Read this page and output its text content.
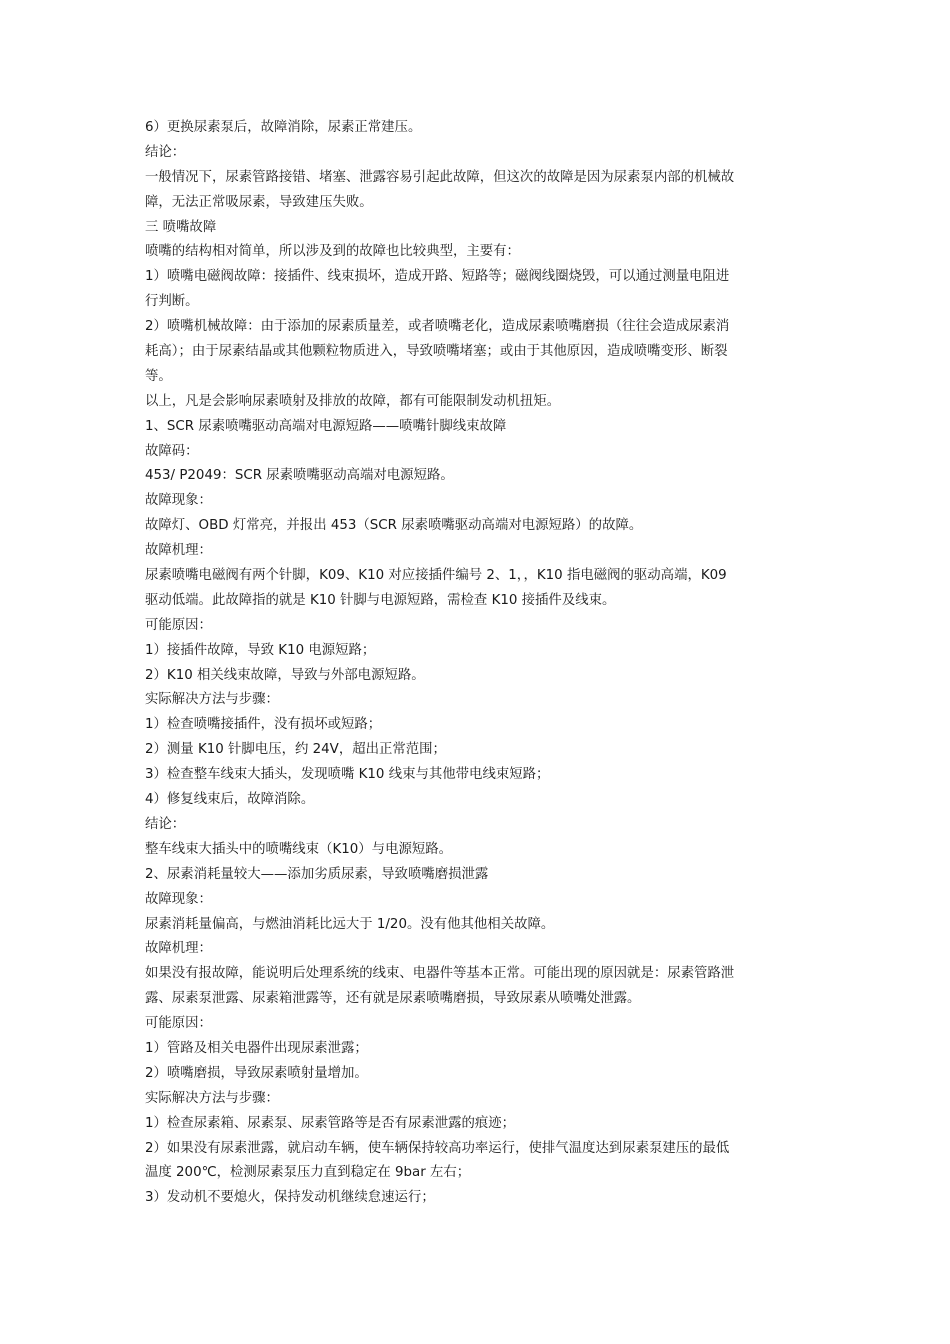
6）更换尿素泵后，故障消除，尿素正常建压。
结论：
一般情况下，尿素管路接错、堵塞、泄露容易引起此故障，但这次的故障是因为尿素泵内部的机械故
障，无法正常吸尿素，导致建压失败。
三 喷嘴故障
喷嘴的结构相对简单，所以涉及到的故障也比较典型，主要有：
1）喷嘴电磁阀故障：接插件、线束损坏，造成开路、短路等；磁阀线圈烧毁，可以通过测量电阻进
行判断。
2）喷嘴机械故障：由于添加的尿素质量差，或者喷嘴老化，造成尿素喷嘴磨损（往往会造成尿素消
耗高）；由于尿素结晶或其他颗粒物质进入，导致喷嘴堵塞；或由于其他原因，造成喷嘴变形、断裂
等。
以上，凡是会影响尿素喷射及排放的故障，都有可能限制发动机扭矩。
1、SCR 尿素喷嘴驱动高端对电源短路——喷嘴针脚线束故障
故障码：
453/ P2049：SCR 尿素喷嘴驱动高端对电源短路。
故障现象：
故障灯、OBD 灯常亮，并报出 453（SCR 尿素喷嘴驱动高端对电源短路）的故障。
故障机理：
尿素喷嘴电磁阀有两个针脚，K09、K10 对应接插件编号 2、1，，K10 指电磁阀的驱动高端，K09
驱动低端。此故障指的就是 K10 针脚与电源短路，需检查 K10 接插件及线束。
可能原因：
1）接插件故障，导致 K10 电源短路；
2）K10 相关线束故障，导致与外部电源短路。
实际解决方法与步骤：
1）检查喷嘴接插件，没有损坏或短路；
2）测量 K10 针脚电压，约 24V，超出正常范围；
3）检查整车线束大插头，发现喷嘴 K10 线束与其他带电线束短路；
4）修复线束后，故障消除。
结论：
整车线束大插头中的喷嘴线束（K10）与电源短路。
2、尿素消耗量较大——添加劣质尿素，导致喷嘴磨损泄露
故障现象：
尿素消耗量偏高，与燃油消耗比远大于 1/20。没有他其他相关故障。
故障机理：
如果没有报故障，能说明后处理系统的线束、电器件等基本正常。可能出现的原因就是：尿素管路泄
露、尿素泵泄露、尿素箱泄露等，还有就是尿素喷嘴磨损，导致尿素从喷嘴处泄露。
可能原因：
1）管路及相关电器件出现尿素泄露；
2）喷嘴磨损，导致尿素喷射量增加。
实际解决方法与步骤：
1）检查尿素箱、尿素泵、尿素管路等是否有尿素泄露的痕迹；
2）如果没有尿素泄露，就启动车辆，使车辆保持较高功率运行，使排气温度达到尿素泵建压的最低
温度 200℃，检测尿素泵压力直到稳定在 9bar 左右；
3）发动机不要熄火，保持发动机继续怠速运行；
